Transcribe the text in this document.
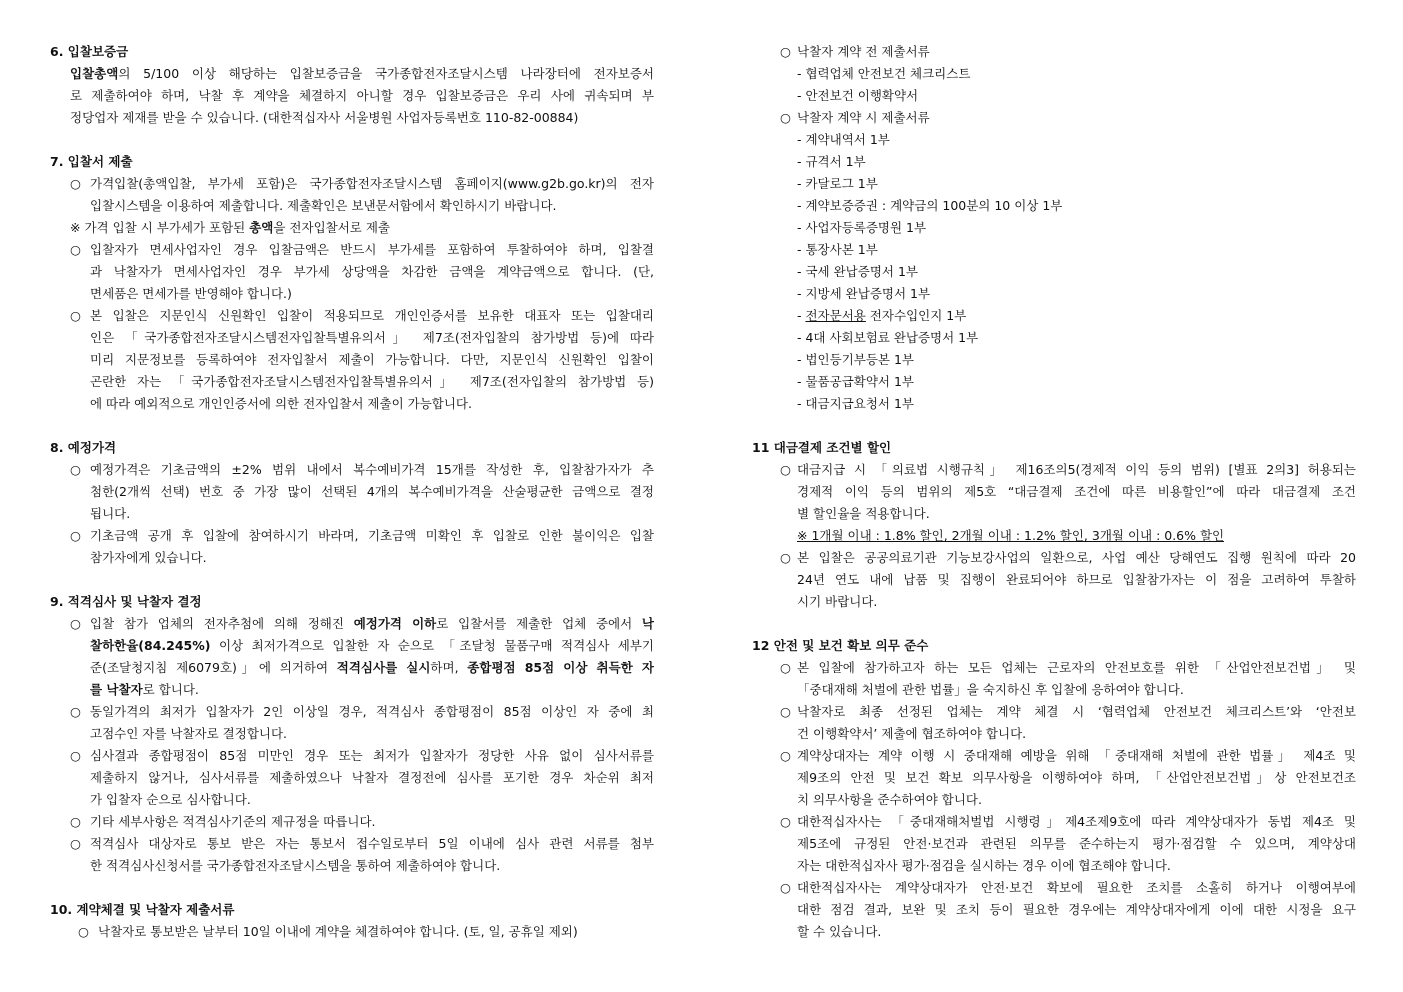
6. 입찰보증금
입찰총액의 5/100 이상 해당하는 입찰보증금을 국가종합전자조달시스템 나라장터에 전자보증서
로 제출하여야 하며, 낙찰 후 계약을 체결하지 아니할 경우 입찰보증금은 우리 사에 귀속되며 부
정당업자 제재를 받을 수 있습니다. (대한적십자사 서울병원 사업자등록번호 110-82-00884)
7. 입찰서 제출
○ 가격입찰(총액입찰, 부가세 포함)은 국가종합전자조달시스템 홈페이지(www.g2b.go.kr)의 전자
입찰시스템을 이용하여 제출합니다. 제출확인은 보낸문서함에서 확인하시기 바랍니다.
※ 가격 입찰 시 부가세가 포함된 총액을 전자입찰서로 제출
○ 입찰자가 면세사업자인 경우 입찰금액은 반드시 부가세를 포함하여 투찰하여야 하며, 입찰결
과 낙찰자가 면세사업자인 경우 부가세 상당액을 차감한 금액을 계약금액으로 합니다. (단,
면세품은 면세가를 반영해야 합니다.)
○ 본 입찰은 지문인식 신원확인 입찰이 적용되므로 개인인증서를 보유한 대표자 또는 입찰대리
인은 「국가종합전자조달시스템전자입찰특별유의서」 제7조(전자입찰의 참가방법 등)에 따라
미리 지문정보를 등록하여야 전자입찰서 제출이 가능합니다. 다만, 지문인식 신원확인 입찰이
곤란한 자는 「국가종합전자조달시스템전자입찰특별유의서」 제7조(전자입찰의 참가방법 등)
에 따라 예외적으로 개인인증서에 의한 전자입찰서 제출이 가능합니다.
8. 예정가격
○ 예정가격은 기초금액의 ±2% 범위 내에서 복수예비가격 15개를 작성한 후, 입찰참가자가 추
첨한(2개씩 선택) 번호 중 가장 많이 선택된 4개의 복수예비가격을 산술평균한 금액으로 결정
됩니다.
○ 기초금액 공개 후 입찰에 참여하시기 바라며, 기초금액 미확인 후 입찰로 인한 불이익은 입찰
참가자에게 있습니다.
9. 적격심사 및 낙찰자 결정
○ 입찰 참가 업체의 전자추첨에 의해 정해진 예정가격 이하로 입찰서를 제출한 업체 중에서 낙
찰하한율(84.245%) 이상 최저가격으로 입찰한 자 순으로 「조달청 물품구매 적격심사 세부기
준(조달청지침 제6079호)」에 의거하여 적격심사를 실시하며, 종합평점 85점 이상 취득한 자
를 낙찰자로 합니다.
○ 동일가격의 최저가 입찰자가 2인 이상일 경우, 적격심사 종합평점이 85점 이상인 자 중에 최
고점수인 자를 낙찰자로 결정합니다.
○ 심사결과 종합평점이 85점 미만인 경우 또는 최저가 입찰자가 정당한 사유 없이 심사서류를
제출하지 않거나, 심사서류를 제출하였으나 낙찰자 결정전에 심사를 포기한 경우 차순위 최저
가 입찰자 순으로 심사합니다.
○ 기타 세부사항은 적격심사기준의 제규정을 따릅니다.
○ 적격심사 대상자로 통보 받은 자는 통보서 접수일로부터 5일 이내에 심사 관련 서류를 첨부
한 적격심사신청서를 국가종합전자조달시스템을 통하여 제출하여야 합니다.
10. 계약체결 및 낙찰자 제출서류
○ 낙찰자로 통보받은 날부터 10일 이내에 계약을 체결하여야 합니다. (토, 일, 공휴일 제외)
○ 낙찰자 계약 전 제출서류
- 협력업체 안전보건 체크리스트
- 안전보건 이행확약서
○ 낙찰자 계약 시 제출서류
- 계약내역서 1부
- 규격서 1부
- 카달로그 1부
- 계약보증증권 : 계약금의 100분의 10 이상 1부
- 사업자등록증명원 1부
- 통장사본 1부
- 국세 완납증명서 1부
- 지방세 완납증명서 1부
- 전자문서용 전자수입인지 1부
- 4대 사회보험료 완납증명서 1부
- 법인등기부등본 1부
- 물품공급확약서 1부
- 대금지급요청서 1부
11 대금결제 조건별 할인
○ 대금지급 시 「의료법 시행규칙」 제16조의5(경제적 이익 등의 범위) [별표 2의3] 허용되는
경제적 이익 등의 범위의 제5호 “대금결제 조건에 따른 비용할인”에 따라 대금결제 조건
별 할인율을 적용합니다.
※ 1개월 이내 : 1.8% 할인, 2개월 이내 : 1.2% 할인, 3개월 이내 : 0.6% 할인
○ 본 입찰은 공공의료기관 기능보강사업의 일환으로, 사업 예산 당해연도 집행 원칙에 따라 20
24년 연도 내에 납품 및 집행이 완료되어야 하므로 입찰참가자는 이 점을 고려하여 투찰하
시기 바랍니다.
12 안전 및 보건 확보 의무 준수
○ 본 입찰에 참가하고자 하는 모든 업체는 근로자의 안전보호를 위한 「산업안전보건법」 및
「중대재해 처벌에 관한 법률」을 숙지하신 후 입찰에 응하여야 합니다.
○ 낙찰자로 최종 선정된 업체는 계약 체결 시 ‘협력업체 안전보건 체크리스트’와 ‘안전보
건 이행확약서’ 제출에 협조하여야 합니다.
○ 계약상대자는 계약 이행 시 중대재해 예방을 위해 「중대재해 처벌에 관한 법률」 제4조 및
제9조의 안전 및 보건 확보 의무사항을 이행하여야 하며, 「산업안전보건법」상 안전보건조
치 의무사항을 준수하여야 합니다.
○ 대한적십자사는 「중대재해처벌법 시행령」제4조제9호에 따라 계약상대자가 동법 제4조 및
제5조에 규정된 안전·보건과 관련된 의무를 준수하는지 평가·점검할 수 있으며, 계약상대
자는 대한적십자사 평가·점검을 실시하는 경우 이에 협조해야 합니다.
○ 대한적십자사는 계약상대자가 안전·보건 확보에 필요한 조치를 소홀히 하거나 이행여부에
대한 점검 결과, 보완 및 조치 등이 필요한 경우에는 계약상대자에게 이에 대한 시정을 요구
할 수 있습니다.
